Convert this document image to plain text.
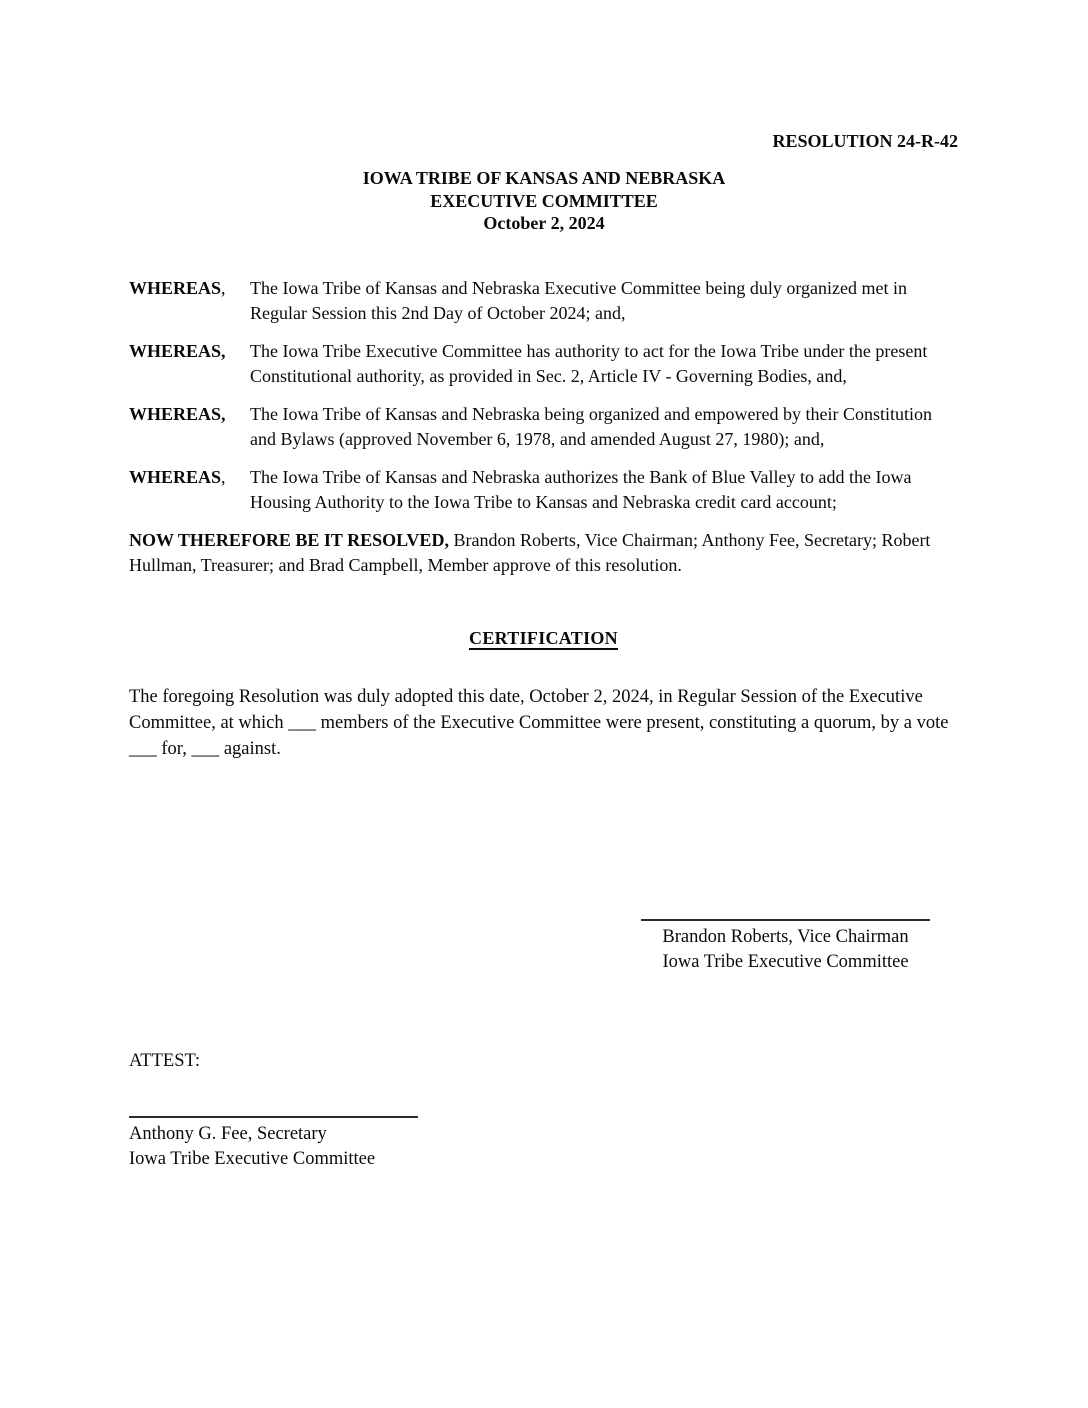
RESOLUTION 24-R-42
IOWA TRIBE OF KANSAS AND NEBRASKA
EXECUTIVE COMMITTEE
October 2, 2024
WHEREAS,	The Iowa Tribe of Kansas and Nebraska Executive Committee being duly organized met in Regular Session this 2nd Day of October 2024; and,
WHEREAS,	The Iowa Tribe Executive Committee has authority to act for the Iowa Tribe under the present Constitutional authority, as provided in Sec. 2, Article IV - Governing Bodies, and,
WHEREAS,	The Iowa Tribe of Kansas and Nebraska being organized and empowered by their Constitution and Bylaws (approved November 6, 1978, and amended August 27, 1980); and,
WHEREAS,	The Iowa Tribe of Kansas and Nebraska authorizes the Bank of Blue Valley to add the Iowa Housing Authority to the Iowa Tribe to Kansas and Nebraska credit card account;

NOW THEREFORE BE IT RESOLVED, Brandon Roberts, Vice Chairman; Anthony Fee, Secretary; Robert Hullman, Treasurer; and Brad Campbell, Member approve of this resolution.

CERTIFICATION

The foregoing Resolution was duly adopted this date, October 2, 2024, in Regular Session of the Executive Committee, at which ___ members of the Executive Committee were present, constituting a quorum, by a vote ___ for, ___ against.

Brandon Roberts, Vice Chairman
Iowa Tribe Executive Committee
ATTEST:
Anthony G. Fee, Secretary
Iowa Tribe Executive Committee
